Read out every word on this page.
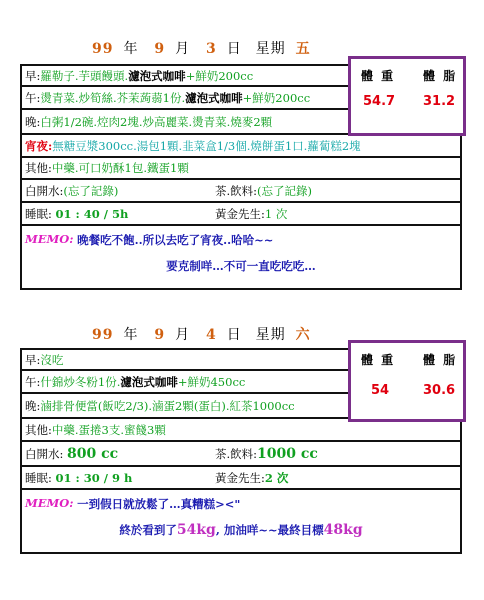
99 年 9 月 3 日 星期 五
早: 羅勒子.芋頭饅頭. 濾泡式咖啡 +鮮奶200cc
午: 燙青菜.炒筍絲.芥茉蒟蒻1份. 濾泡式咖啡 +鮮奶200cc
晚: 白粥1/2碗. 焢肉2塊.炒高麗菜.燙青菜. 燒麥2顆
宵夜: 無糖豆漿300cc.湯包1顆.韭菜盒1/3個.燒餅蛋1口.蘿蔔糕2塊
其他: 中藥.可口奶酥1包.鐵蛋1顆
白開水:(忘了記錄)	茶.飲料: (忘了記錄)
睡眠: 01 : 40 / 5h	黃金先生: 1 次
MEMO:
晚餐吃不飽..所以去吃了宵夜..哈哈~~
要克制咩…不可一直吃吃吃…
體 重 體 脂
54.7 31.2
99 年 9 月 4 日 星期 六
早: 沒吃
午: 什錦炒冬粉1份. 濾泡式咖啡 +鮮奶450cc
晚: 滷排骨便當( 飯吃2/3). 滷蛋2顆(蛋白).紅茶1000cc
其他: 中藥.蛋捲3支.蜜餞3顆
白開水: 800 cc	茶.飲料: 1000 cc
睡眠: 01 : 30 / 9 h	黃金先生: 2 次
MEMO:
一到假日就放鬆了…真糟糕><"
終於看到了54kg, 加油咩~~最終目標48kg
體 重 體 脂
54	30.6
